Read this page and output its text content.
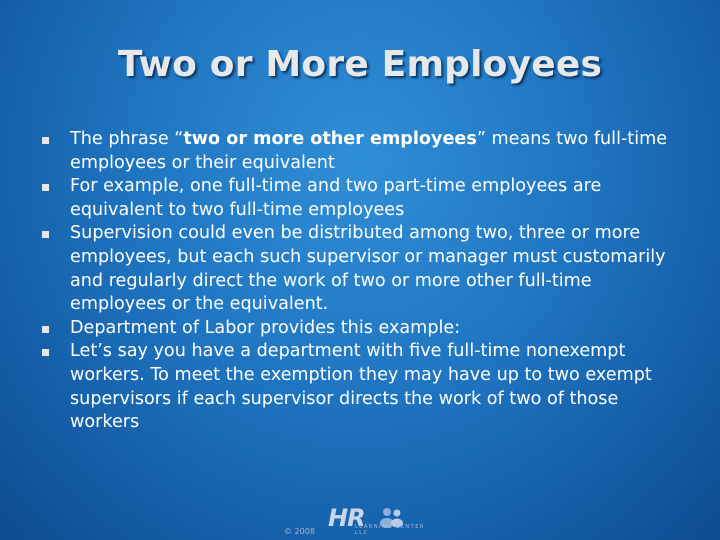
Two or More Employees
The phrase “two or more other employees” means two full-time employees or their equivalent
For example, one full-time and two part-time employees are equivalent to two full-time employees
Supervision could even be distributed among two, three or more employees, but each such supervisor or manager must customarily and regularly direct the work of two or more other full-time employees or the equivalent.
Department of Labor provides this example:
Let’s say you have a department with five full-time nonexempt workers. To meet the exemption they may have up to two exempt supervisors if each supervisor directs the work of two of those workers
© 2008 HR
LEARNING CENTER LLC
